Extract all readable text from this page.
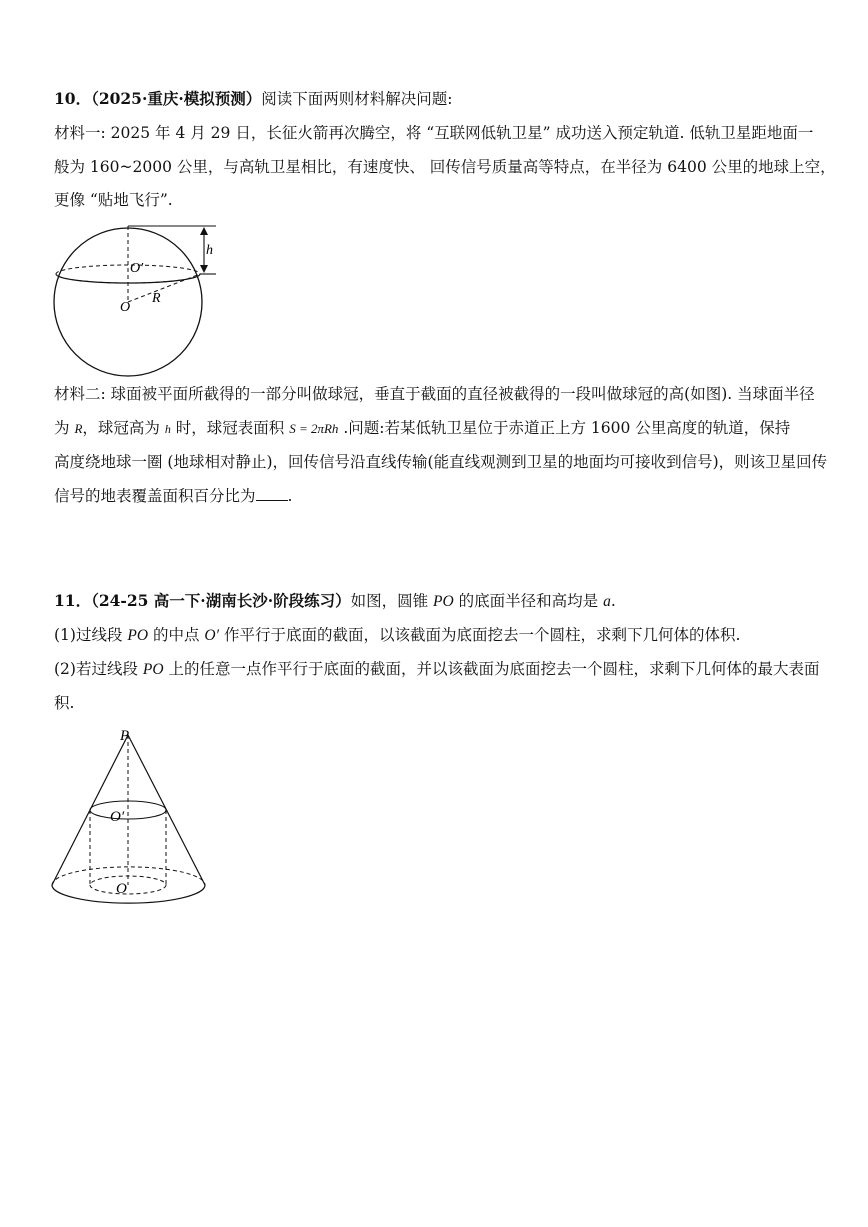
10．（2025·重庆·模拟预测）阅读下面两则材料解决问题:
材料一: 2025 年 4 月 29 日，长征火箭再次腾空，将 “互联网低轨卫星” 成功送入预定轨道. 低轨卫星距地面一
般为 160~2000 公里，与高轨卫星相比，有速度快、 回传信号质量高等特点，在半径为 6400 公里的地球上空，
更像 “贴地飞行”.
h
O′
R
O
材料二: 球面被平面所截得的一部分叫做球冠，垂直于截面的直径被截得的一段叫做球冠的高(如图). 当球面半径
为 R，球冠高为 h 时，球冠表面积 S = 2πRh .问题:若某低轨卫星位于赤道正上方 1600 公里高度的轨道，保持
高度绕地球一圈 (地球相对静止)，回传信号沿直线传输(能直线观测到卫星的地面均可接收到信号)，则该卫星回传
信号的地表覆盖面积百分比为 .
11．（24-25 高一下·湖南长沙·阶段练习）如图，圆锥 PO 的底面半径和高均是 a.
(1)过线段 PO 的中点 O′ 作平行于底面的截面，以该截面为底面挖去一个圆柱，求剩下几何体的体积.
(2)若过线段 PO 上的任意一点作平行于底面的截面，并以该截面为底面挖去一个圆柱，求剩下几何体的最大表面
积.
P
O′
O
